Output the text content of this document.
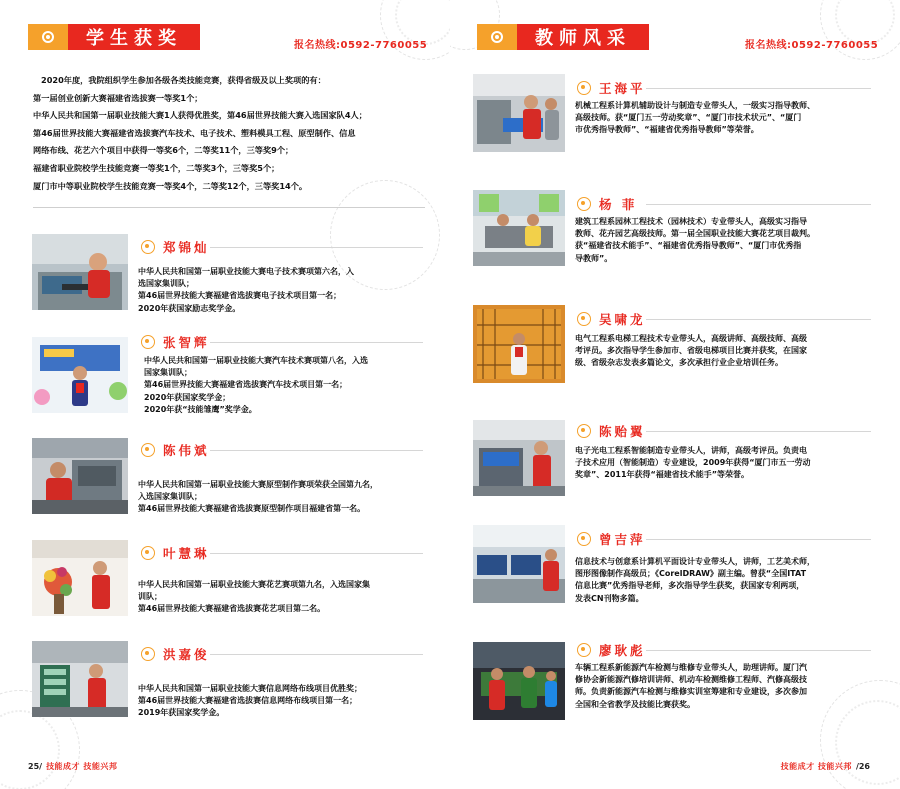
学生获奖	报名热线:0592-7760055

2020年度，我院组织学生参加各级各类技能竞赛，获得省级及以上奖项的有：

第一届创业创新大赛福建省选拔赛一等奖1个；

中华人民共和国第一届职业技能大赛1人获得优胜奖，第46届世界技能大赛入选国家队4人；

第46届世界技能大赛福建省选拔赛汽车技术、电子技术、塑料模具工程、原型制作、信息

网络布线、花艺六个项目中获得一等奖6个，二等奖11个，三等奖9个；

福建省职业院校学生技能竞赛一等奖1个，二等奖3个，三等奖5个；

厦门市中等职业院校学生技能竞赛一等奖4个，二等奖12个，三等奖14个。

郑锦灿

中华人民共和国第一届职业技能大赛电子技术赛项第六名，入

选国家集训队；

第46届世界技能大赛福建省选拔赛电子技术项目第一名；

2020年获国家励志奖学金。

张智辉

中华人民共和国第一届职业技能大赛汽车技术赛项第八名，入选

国家集训队；

第46届世界技能大赛福建省选拔赛汽车技术项目第一名；

2020年获国家奖学金；

2020年获“技能雏鹰”奖学金。

陈伟斌

中华人民共和国第一届职业技能大赛原型制作赛项荣获全国第九名，

入选国家集训队；

第46届世界技能大赛福建省选拔赛原型制作项目福建省第一名。

叶慧琳

中华人民共和国第一届职业技能大赛花艺赛项第九名，入选国家集

训队；

第46届世界技能大赛福建省选拔赛花艺项目第二名。

洪嘉俊

中华人民共和国第一届职业技能大赛信息网络布线项目优胜奖；

第46届世界技能大赛福建省选拔赛信息网络布线项目第一名；

2019年获国家奖学金。

25/ 技能成才 技能兴邦
教师风采	报名热线:0592-7760055
王海平

机械工程系计算机辅助设计与制造专业带头人，一级实习指导教师、

高级技师。获“厦门五一劳动奖章”、“厦门市技术状元”、“厦门

市优秀指导教师”、“福建省优秀指导教师”等荣誉。

杨 菲

建筑工程系园林工程技术（园林技术）专业带头人，高级实习指导

教师、花卉园艺高级技师。第一届全国职业技能大赛花艺项目裁判。

获“福建省技术能手”、“福建省优秀指导教师”、“厦门市优秀指

导教师”。

吴啸龙

电气工程系电梯工程技术专业带头人，高级讲师、高级技师、高级

考评员。多次指导学生参加市、省级电梯项目比赛并获奖，在国家

级、省级杂志发表多篇论文，多次承担行业企业培训任务。

陈贻翼

电子光电工程系智能制造专业带头人，讲师，高级考评员。负责电

子技术应用（智能制造）专业建设，2009年获得“厦门市五一劳动

奖章”、2011年获得“福建省技术能手”等荣誉。

曾吉萍

信息技术与创意系计算机平面设计专业带头人，讲师，工艺美术师，

图形图像制作高级员；《CorelDRAW》副主编。曾获“全国ITAT

信息比赛”优秀指导老师，多次指导学生获奖，获国家专利两项，

发表CN刊物多篇。

廖耿彪

车辆工程系新能源汽车检测与维修专业带头人，助理讲师。厦门汽

修协会新能源汽修培训讲师、机动车检测维修工程师、汽修高级技

师。负责新能源汽车检测与维修实训室筹建和专业建设，多次参加

全国和全省教学及技能比赛获奖。

技能成才 技能兴邦 /26
